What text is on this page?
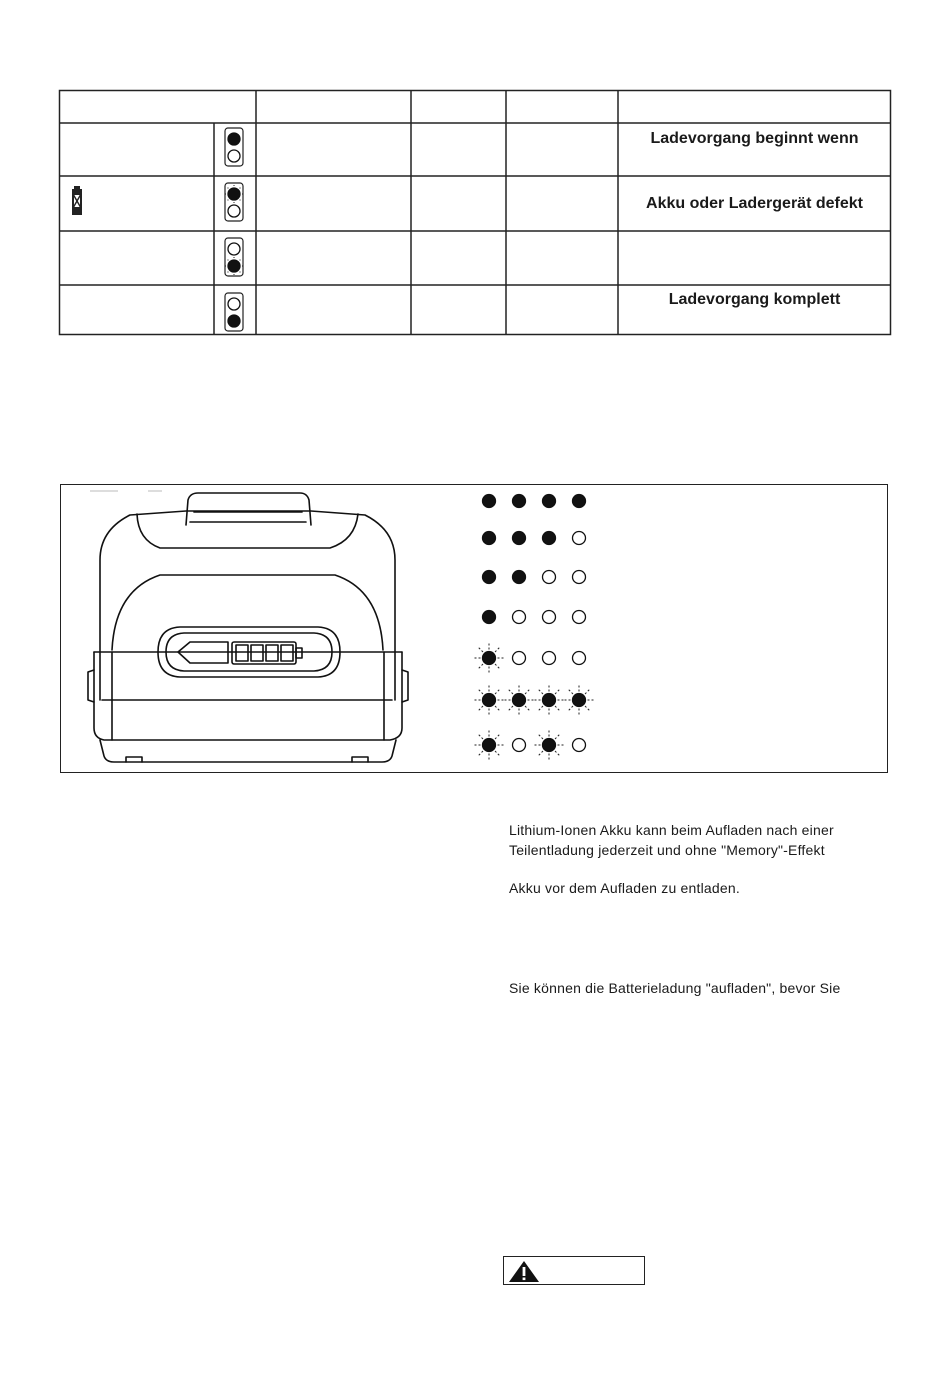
Ladevorgang beginnt wenn
Akku oder Ladergerät defekt
Ladevorgang komplett
Lithium-Ionen Akku kann beim Aufladen nach einer
Teilentladung jederzeit und ohne "Memory"-Effekt
Akku vor dem Aufladen zu entladen.
Sie können die Batterieladung "aufladen", bevor Sie
